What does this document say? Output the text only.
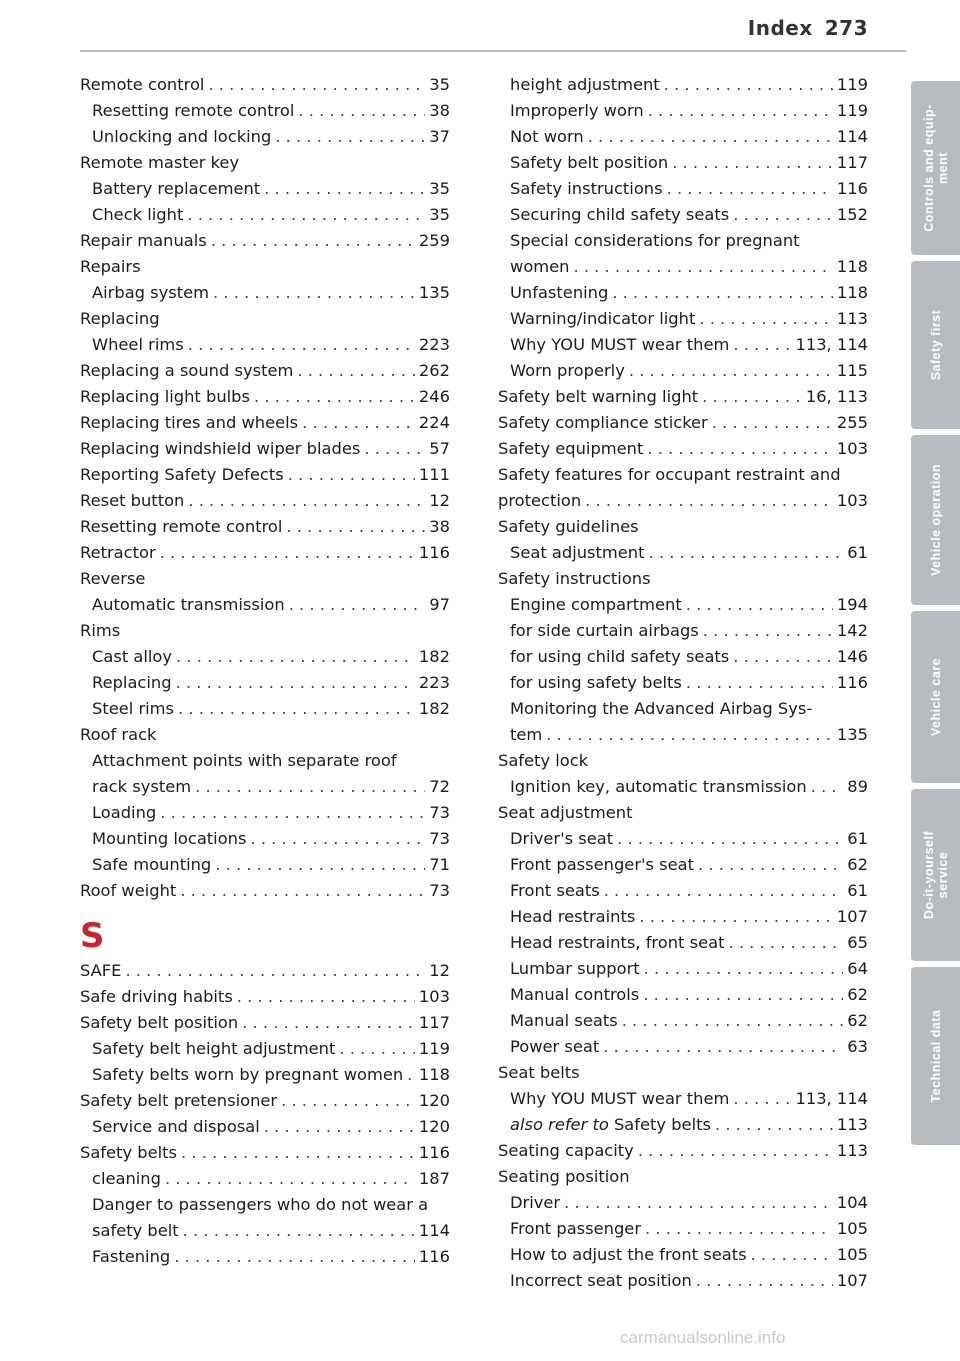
Index 273
Remote control . . .	35
Resetting remote control . . .	38
Unlocking and locking . . .	37
Remote master key
Battery replacement . . .	35
Check light . . .	35
Repair manuals . . .	259
Repairs
Airbag system . . .	135
Replacing
Wheel rims . . .	223
Replacing a sound system . . .	262
Replacing light bulbs . . .	246
Replacing tires and wheels . . .	224
Replacing windshield wiper blades . . .	57
Reporting Safety Defects . . .	111
Reset button . . .	12
Resetting remote control . . .	38
Retractor . . .	116
Reverse
Automatic transmission . . .	97
Rims
Cast alloy . . .	182
Replacing . . .	223
Steel rims . . .	182
Roof rack
Attachment points with separate roof
rack system . . .	72
Loading . . .	73
Mounting locations . . .	73
Safe mounting . . .	71
Roof weight . . .	73
S
SAFE . . .	12
Safe driving habits . . .	103
Safety belt position . . .	117
Safety belt height adjustment . . .	119
Safety belts worn by pregnant women . . . 118
Safety belt pretensioner . . .	120
Service and disposal . . .	120
Safety belts . . .	116
cleaning . . .	187
Danger to passengers who do not wear a
safety belt . . .	114
Fastening . . .	116
height adjustment . . .	119
Improperly worn . . .	119
Not worn . . .	114
Safety belt position . . .	117
Safety instructions . . .	116
Securing child safety seats . . .	152
Special considerations for pregnant
women . . .	118
Unfastening . . .	118
Warning/indicator light . . .	113
Why YOU MUST wear them . . .	113, 114
Worn properly . . .	115
Safety belt warning light . . .	16, 113
Safety compliance sticker . . .	255
Safety equipment . . .	103
Safety features for occupant restraint and
protection . . .	103
Safety guidelines
Seat adjustment . . .	61
Safety instructions
Engine compartment . . .	194
for side curtain airbags . . .	142
for using child safety seats . . .	146
for using safety belts . . .	116
Monitoring the Advanced Airbag Sys-
tem . . .	135
Safety lock
Ignition key, automatic transmission . . . 89
Seat adjustment
Driver's seat . . .	61
Front passenger's seat . . .	62
Front seats . . .	61
Head restraints . . .	107
Head restraints, front seat . . .	65
Lumbar support . . .	64
Manual controls . . .	62
Manual seats . . .	62
Power seat . . .	63
Seat belts
Why YOU MUST wear them . . .	113, 114
also refer to Safety belts . . .	113
Seating capacity . . .	113
Seating position
Driver . . .	104
Front passenger . . .	105
How to adjust the front seats . . .	105
Incorrect seat position . . .	107
Controls and equip-
ment
Safety first
Vehicle operation
Vehicle care
Do-it-yourself
service
Technical data
carmanualsonline.info
